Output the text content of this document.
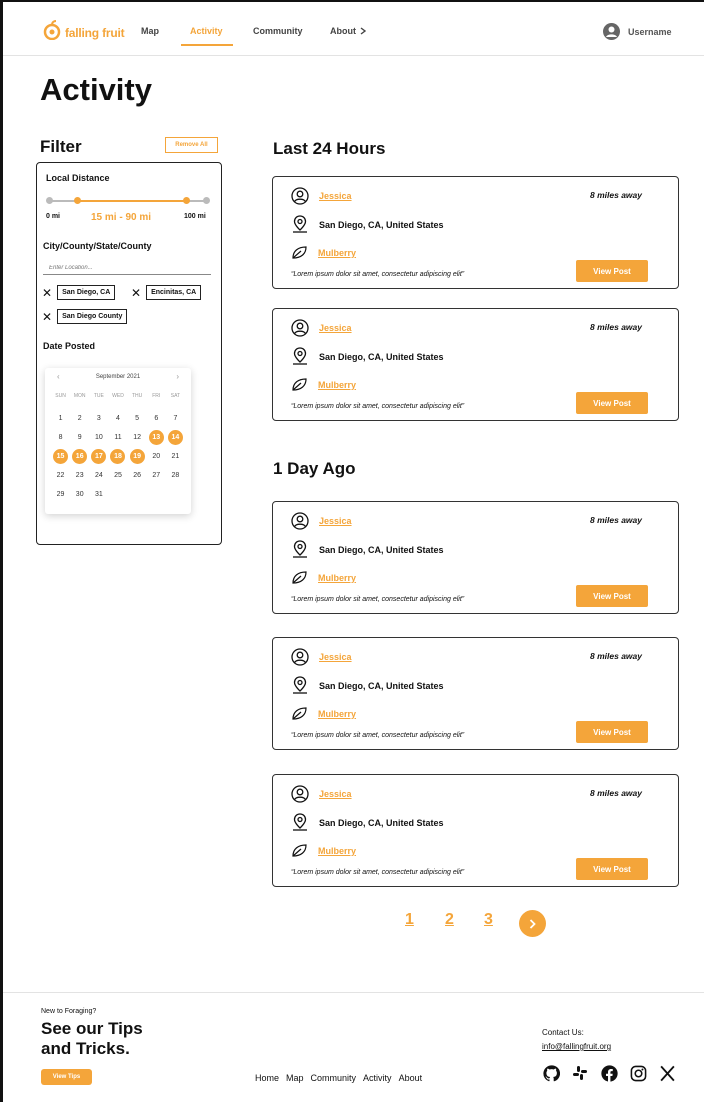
falling fruit Map	Activity	Community	About	Username
Activity
Filter	Remove All
Local Distance
0 mi	15 mi - 90 mi	100 mi
City/County/State/County
Enter Location...
✕	San Diego, CA	✕	Encinitas, CA
✕	San Diego County
Date Posted
‹	September 2021	›
SUN	MON	TUE	WED	THU	FRI	SAT
1	2	3	4	5	6	7
8	9	10	11	12	13	14
15	16	17	18	19	20	21
22	23	24	25	26	27	28
29	30	31
Last 24 Hours
Jessica	8 miles away
San Diego, CA, United States
Mulberry
“Lorem ipsum dolor sit amet, consectetur adipiscing elit”	View Post
Jessica	8 miles away
San Diego, CA, United States
Mulberry
“Lorem ipsum dolor sit amet, consectetur adipiscing elit”	View Post
1 Day Ago
Jessica	8 miles away
San Diego, CA, United States
Mulberry
“Lorem ipsum dolor sit amet, consectetur adipiscing elit”	View Post
Jessica	8 miles away
San Diego, CA, United States
Mulberry
“Lorem ipsum dolor sit amet, consectetur adipiscing elit”	View Post
Jessica	8 miles away
San Diego, CA, United States
Mulberry
“Lorem ipsum dolor sit amet, consectetur adipiscing elit”	View Post
1 2 3
New to Foraging?
See our Tips and Tricks.
View Tips	Home Map Community Activity About
Contact Us:
info@fallingfruit.org
